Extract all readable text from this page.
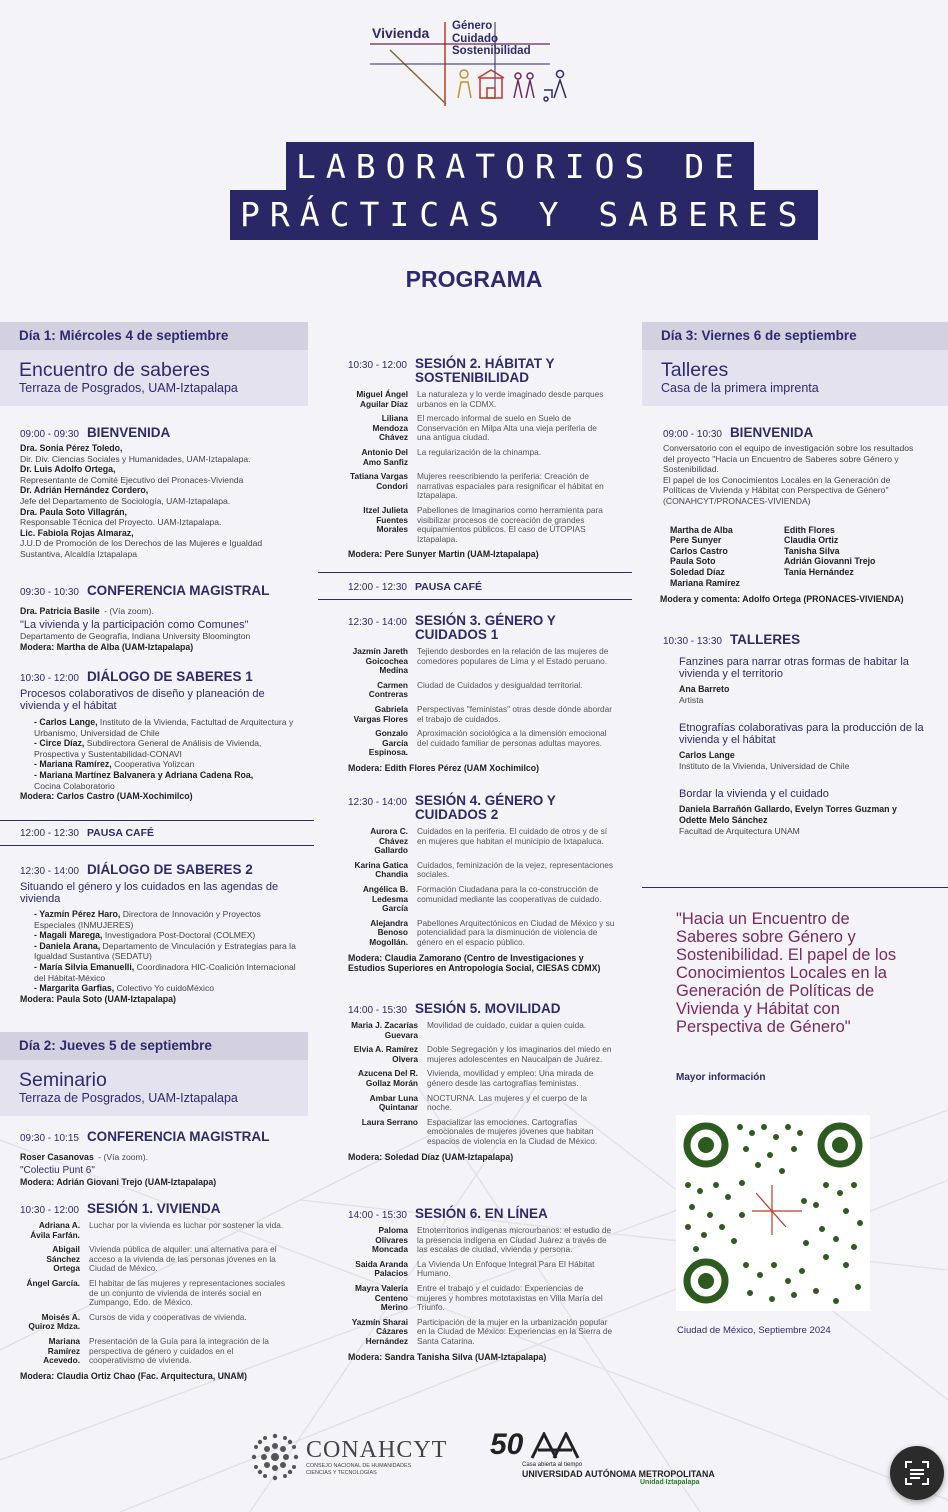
Vivienda Género
Cuidado
Sostenibilidad
LABORATORIOS DE
PRÁCTICAS Y SABERES
PROGRAMA
Día 1: Miércoles 4 de septiembre
Encuentro de saberes
Terraza de Posgrados, UAM-Iztapalapa
09:00 - 09:30 BIENVENIDA
Dra. Sonia Pérez Toledo,
Dir. Div. Ciencias Sociales y Humanidades, UAM-Iztapalapa.
Dr. Luis Adolfo Ortega,
Representante de Comité Ejecutivo del Pronaces-Vivienda
Dr. Adrián Hernández Cordero,
Jefe del Departamento de Sociología, UAM-Iztapalapa.
Dra. Paula Soto Villagrán,
Responsable Técnica del Proyecto. UAM-Iztapalapa.
Lic. Fabiola Rojas Almaraz,
J.U.D de Promoción de los Derechos de las Mujeres e Igualdad Sustantiva, Alcaldía Iztapalapa
09:30 - 10:30 CONFERENCIA MAGISTRAL
Dra. Patricia Basile - (Vía zoom).
"La vivienda y la participación como Comunes"
Departamento de Geografía, Indiana University Bloomington
Modera: Martha de Alba (UAM-Iztapalapa)
10:30 - 12:00 DIÁLOGO DE SABERES 1
Procesos colaborativos de diseño y planeación de vivienda y el hábitat
- Carlos Lange, Instituto de la Vivienda, Factultad de Arquitectura y Urbanismo, Universidad de Chile
- Circe Díaz, Subdirectora General de Análisis de Vivienda, Prospectiva y Sustentabilidad-CONAVI
- Mariana Ramírez, Cooperativa Yolizcan
- Mariana Martínez Balvanera y Adriana Cadena Roa,
Cocina Colaboratorio
Modera: Carlos Castro (UAM-Xochimilco)
12:00 - 12:30 PAUSA CAFÉ
12:30 - 14:00 DIÁLOGO DE SABERES 2
Situando el género y los cuidados en las agendas de vivienda
- Yazmín Pérez Haro, Directora de Innovación y Proyectos Especiales (INMUJERES)
- Magali Marega, Investigadora Post-Doctoral (COLMEX)
- Daniela Arana, Departamento de Vinculación y Estrategias para la Igualdad Sustantiva (SEDATU)
- María Silvia Emanuelli, Coordinadora HIC-Coalición Internacional del Hábitat-México
- Margarita Garfias, Colectivo Yo cuidoMéxico
Modera: Paula Soto (UAM-Iztapalapa)
Día 2: Jueves 5 de septiembre
Seminario
Terraza de Posgrados, UAM-Iztapalapa
09:30 - 10:15 CONFERENCIA MAGISTRAL
Roser Casanovas - (Vía zoom).
"Colectiu Punt 6"
Modera: Adrián Giovani Trejo (UAM-Iztapalapa)
10:30 - 12:00 SESIÓN 1. VIVIENDA
Adriana A. Ávila Farfán.
Luchar por la vivienda es luchar por sostener la vida.
Abigail Sánchez Ortega
Vivienda pública de alquiler: una alternativa para el acceso a la vivienda de las personas jóvenes en la Ciudad de México.
Ángel García. El habitar de las mujeres y representaciones sociales de un conjunto de vivienda de interés social en Zumpango, Edo. de México.
Moisés A. Quiroz Mdza.
Cursos de vida y cooperativas de vivienda.
Mariana Ramírez Acevedo.
Presentación de la Guía para la integración de la perspectiva de género y cuidados en el cooperativismo de vivienda.
Modera: Claudia Ortiz Chao (Fac. Arquitectura, UNAM)
10:30 - 12:00 SESIÓN 2. HÁBITAT Y SOSTENIBILIDAD
Miguel Ángel Aguilar Díaz
La naturaleza y lo verde imaginado desde parques urbanos en la CDMX.
Liliana Mendoza Chávez
El mercado informal de suelo en Suelo de Conservación en Milpa Alta una vieja periferia de una antigua ciudad.
Antonio Del Amo Sanfiz
La regularización de la chinampa.
Tatiana Vargas Condori
Mujeres reescribiendo la periferia: Creación de narrativas espaciales para resignificar el hábitat en Iztapalapa.
Itzel Julieta Fuentes Morales
Pabellones de Imaginarios como herramienta para visibilizar procesos de cocreación de grandes equipamientos públicos. El caso de ÚTOPIAS Iztapalapa.
Modera: Pere Sunyer Martin (UAM-Iztapalapa)
12:00 - 12:30 PAUSA CAFÉ
12:30 - 14:00 SESIÓN 3. GÉNERO Y CUIDADOS 1
Jazmín Jareth Goicochea Medina
Tejiendo desbordes en la relación de las mujeres de comedores populares de Lima y el Estado peruano.
Carmen Contreras
Ciudad de Cuidados y desigualdad territorial.
Gabriela Vargas Flores
Perspectivas "feministas" otras desde dónde abordar el trabajo de cuidados.
Gonzalo García Espinosa.
Aproximación sociológica a la dimensión emocional del cuidado familiar de personas adultas mayores.
Modera: Edith Flores Pérez (UAM Xochimilco)
12:30 - 14:00 SESIÓN 4. GÉNERO Y CUIDADOS 2
Aurora C. Chávez Gallardo
Cuidados en la periferia. El cuidado de otros y de sí en mujeres que habitan el municipio de Ixtapaluca.
Karina Gatica Chandia
Cuidados, feminización de la vejez, representaciones sociales.
Angélica B. Ledesma García
Formación Ciudadana para la co-construcción de comunidad mediante las cooperativas de cuidado.
Alejandra Benoso Mogollán.
Pabellones Arquitectónicos en Ciudad de México y su potencialidad para la disminución de violencia de género en el espacio público.
Modera: Claudia Zamorano (Centro de Investigaciones y Estudios Superiores en Antropología Social, CIESAS CDMX)
14:00 - 15:30 SESIÓN 5. MOVILIDAD
Maria J. Zacarías Guevara
Movilidad de cuidado, cuidar a quien cuida.
Elvia A. Ramírez Olvera
Doble Segregación y los imaginarios del miedo en mujeres adolescentes en Naucalpan de Juárez.
Azucena Del R. Gollaz Morán
Vivienda, movilidad y empleo: Una mirada de género desde las cartografías feministas.
Ambar Luna Quintanar
NOCTURNA. Las mujeres y el cuerpo de la noche.
Laura Serrano Espacializar las emociones. Cartografías emocionales de mujeres jóvenes que habitan espacios de violencia en la Ciudad de México.
Modera: Soledad Díaz (UAM-Iztapalapa)
14:00 - 15:30 SESIÓN 6. EN LÍNEA
Paloma Olivares Moncada
Etnoterritorios indígenas microurbanos: el estudio de la presencia indígena en Ciudad Juárez a través de las escalas de ciudad, vivienda y persona.
Saida Aranda Palacios
La Vivienda Un Enfoque Integral Para El Hábitat Humano.
Mayra Valeria Centeno Merino
Entre el trabajo y el cuidado: Experiencias de mujeres y hombres mototaxistas en Villa María del Triunfo.
Yazmín Sharai Cázares Hernández
Participación de la mujer en la urbanización popular en la Ciudad de México: Experiencias en la Sierra de Santa Catarina.
Modera: Sandra Tanisha Silva (UAM-Iztapalapa)
Día 3: Viernes 6 de septiembre
Talleres
Casa de la primera imprenta
09:00 - 10:30 BIENVENIDA
Conversatorio con el equipo de investigación sobre los resultados del proyecto "Hacia un Encuentro de Saberes sobre Género y Sostenibilidad.
El papel de los Conocimientos Locales en la Generación de Políticas de Vivienda y Hábitat con Perspectiva de Género" (CONAHCYT/PRONACES-VIVIENDA)
Martha de Alba
Pere Sunyer
Carlos Castro
Paula Soto
Soledad Díaz
Mariana Ramírez
Edith Flores
Claudia Ortiz
Tanisha Silva
Adrián Giovanni Trejo
Tania Hernández
Modera y comenta: Adolfo Ortega (PRONACES-VIVIENDA)
10:30 - 13:30 TALLERES
Fanzines para narrar otras formas de habitar la vivienda y el territorio
Ana Barreto
Artista
Etnografías colaborativas para la producción de la vivienda y el hábitat
Carlos Lange
Instituto de la Vivienda, Universidad de Chile
Bordar la vivienda y el cuidado
Daniela Barrañón Gallardo, Evelyn Torres Guzman y Odette Melo Sánchez
Facultad de Arquitectura UNAM
"Hacia un Encuentro de Saberes sobre Género y Sostenibilidad. El papel de los Conocimientos Locales en la Generación de Políticas de Vivienda y Hábitat con Perspectiva de Género"
Mayor información
Ciudad de México, Septiembre 2024
CONAHCYT
CONSEJO NACIONAL DE HUMANIDADES CIENCIAS Y TECNOLOGÍAS
50
Casa abierta al tiempo
UNIVERSIDAD AUTÓNOMA METROPOLITANA
Unidad Iztapalapa
